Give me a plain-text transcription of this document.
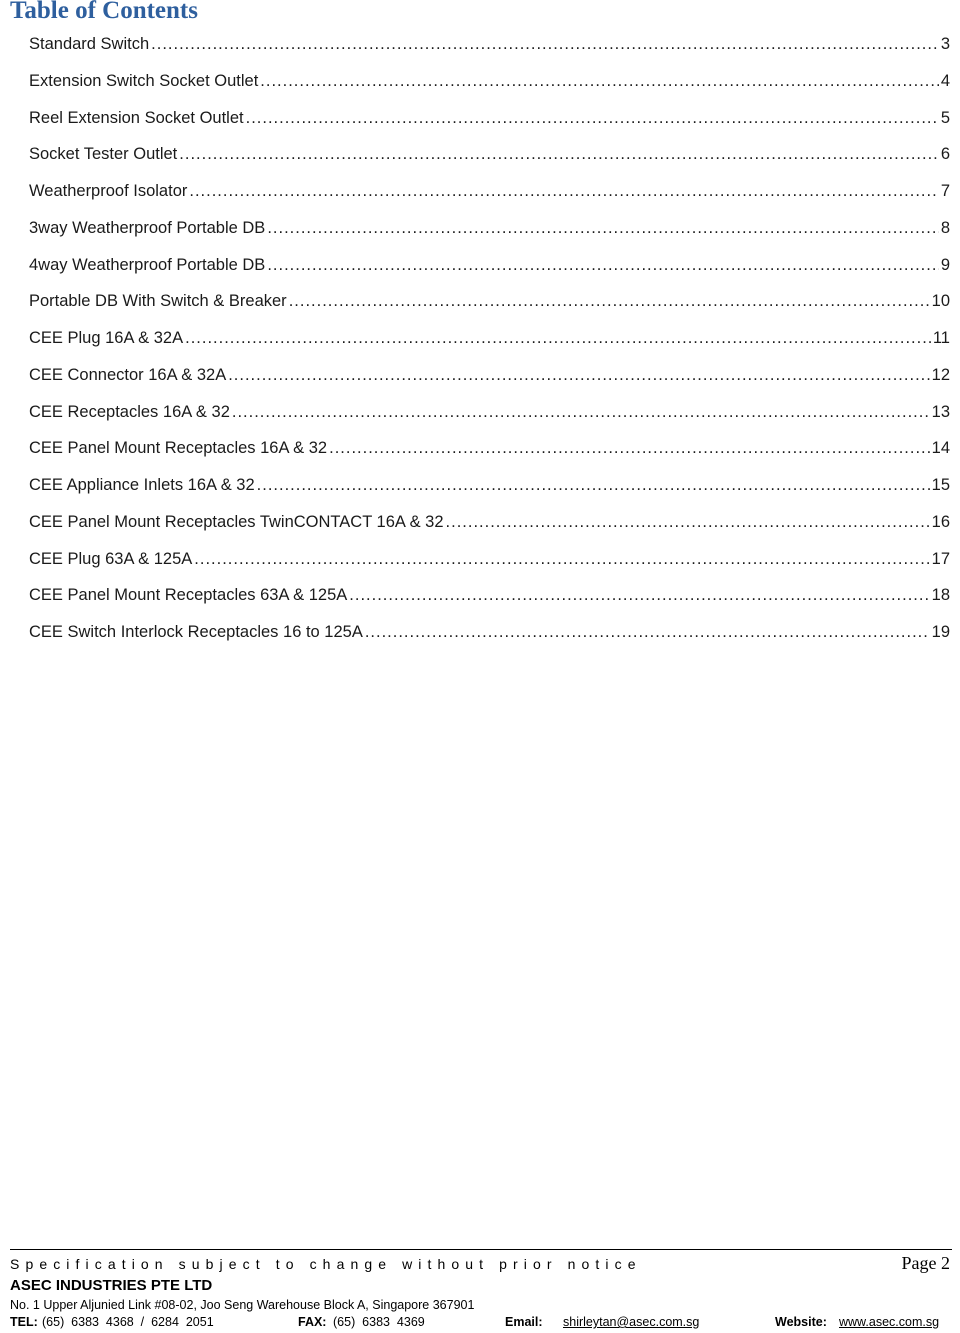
Table of Contents
Standard Switch .....	3
Extension Switch Socket Outlet .....	4
Reel Extension Socket Outlet .....	5
Socket Tester Outlet .....	6
Weatherproof Isolator .....	7
3way Weatherproof Portable DB .....	8
4way Weatherproof Portable DB .....	9
Portable DB With Switch & Breaker .....	10
CEE Plug 16A & 32A .....	11
CEE Connector 16A & 32A .....	12
CEE Receptacles 16A & 32 .....	13
CEE Panel Mount Receptacles 16A & 32 .....	14
CEE Appliance Inlets 16A & 32 .....	15
CEE Panel Mount Receptacles TwinCONTACT 16A & 32 .....	16
CEE Plug 63A & 125A .....	17
CEE Panel Mount Receptacles 63A & 125A .....	18
CEE Switch Interlock Receptacles 16 to 125A .....	19
Specification subject to change without prior notice	Page 2
ASEC INDUSTRIES PTE LTD
No. 1 Upper Aljunied Link #08-02, Joo Seng Warehouse Block A, Singapore 367901
TEL: (65)  6383  4368  /  6284  2051	FAX: (65)  6383  4369	Email: shirleytan@asec.com.sg	Website: www.asec.com.sg
